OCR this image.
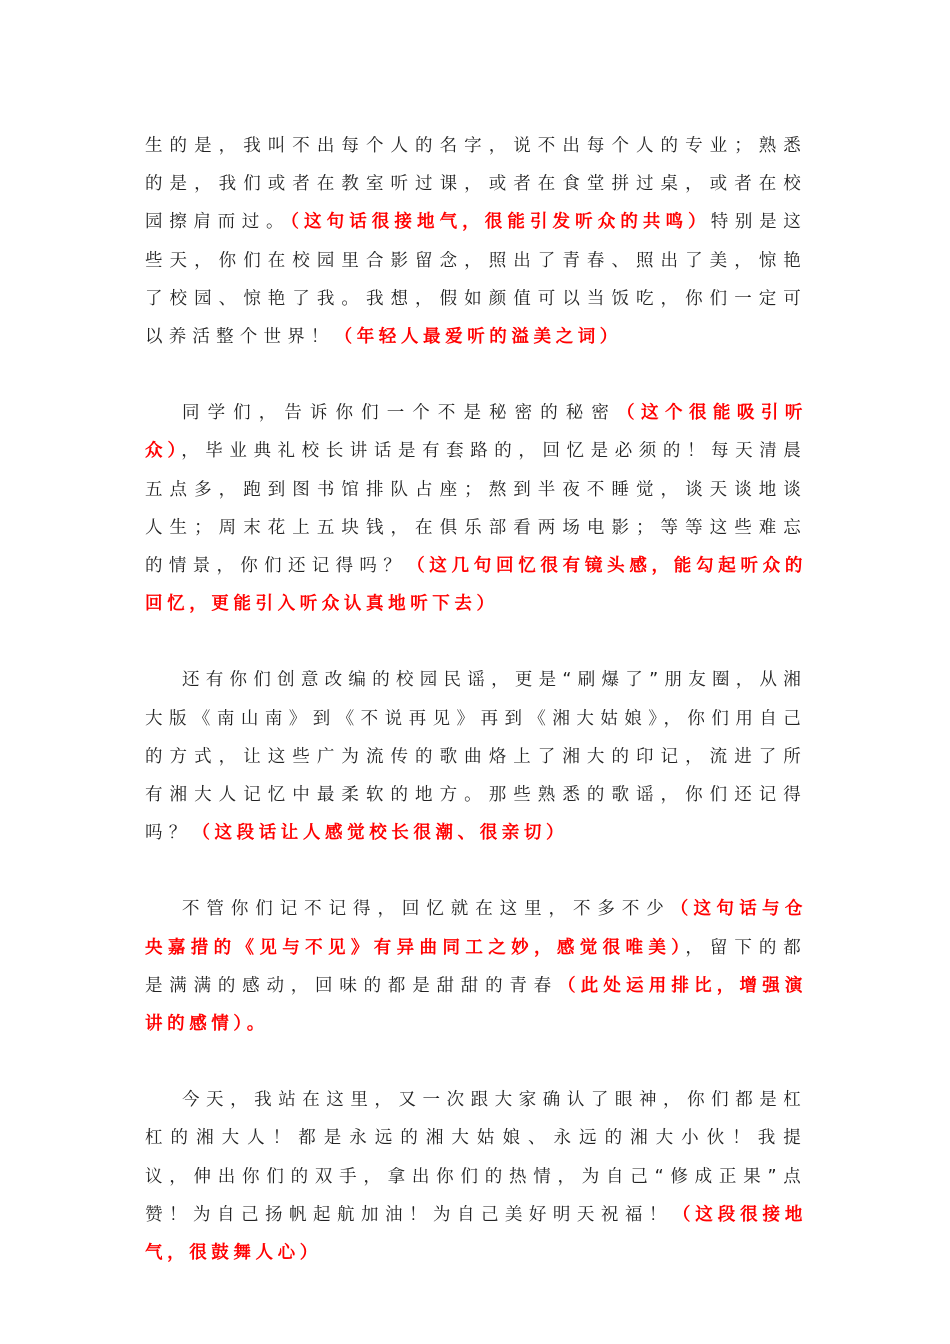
生的是，我叫不出每个人的名字，说不出每个人的专业；熟悉的是，我们或者在教室听过课，或者在食堂拼过桌，或者在校园擦肩而过。（这句话很接地气，很能引发听众的共鸣）特别是这些天，你们在校园里合影留念，照出了青春、照出了美，惊艳了校园、惊艳了我。我想，假如颜值可以当饭吃，你们一定可以养活整个世界！（年轻人最爱听的溢美之词）

同学们，告诉你们一个不是秘密的秘密（这个很能吸引听众），毕业典礼校长讲话是有套路的，回忆是必须的！每天清晨五点多，跑到图书馆排队占座；熬到半夜不睡觉，谈天谈地谈人生；周末花上五块钱，在俱乐部看两场电影；等等这些难忘的情景，你们还记得吗？（这几句回忆很有镜头感，能勾起听众的回忆，更能引入听众认真地听下去）

还有你们创意改编的校园民谣，更是“刷爆了”朋友圈，从湘大版《南山南》到《不说再见》再到《湘大姑娘》，你们用自己的方式，让这些广为流传的歌曲烙上了湘大的印记，流进了所有湘大人记忆中最柔软的地方。那些熟悉的歌谣，你们还记得吗？（这段话让人感觉校长很潮、很亲切）

不管你们记不记得，回忆就在这里，不多不少（这句话与仓央嘉措的《见与不见》有异曲同工之妙，感觉很唯美），留下的都是满满的感动，回味的都是甜甜的青春（此处运用排比，增强演讲的感情）。

今天，我站在这里，又一次跟大家确认了眼神，你们都是杠杠的湘大人！都是永远的湘大姑娘、永远的湘大小伙！我提议，伸出你们的双手，拿出你们的热情，为自己“修成正果”点赞！为自己扬帆起航加油！为自己美好明天祝福！（这段很接地气，很鼓舞人心）
